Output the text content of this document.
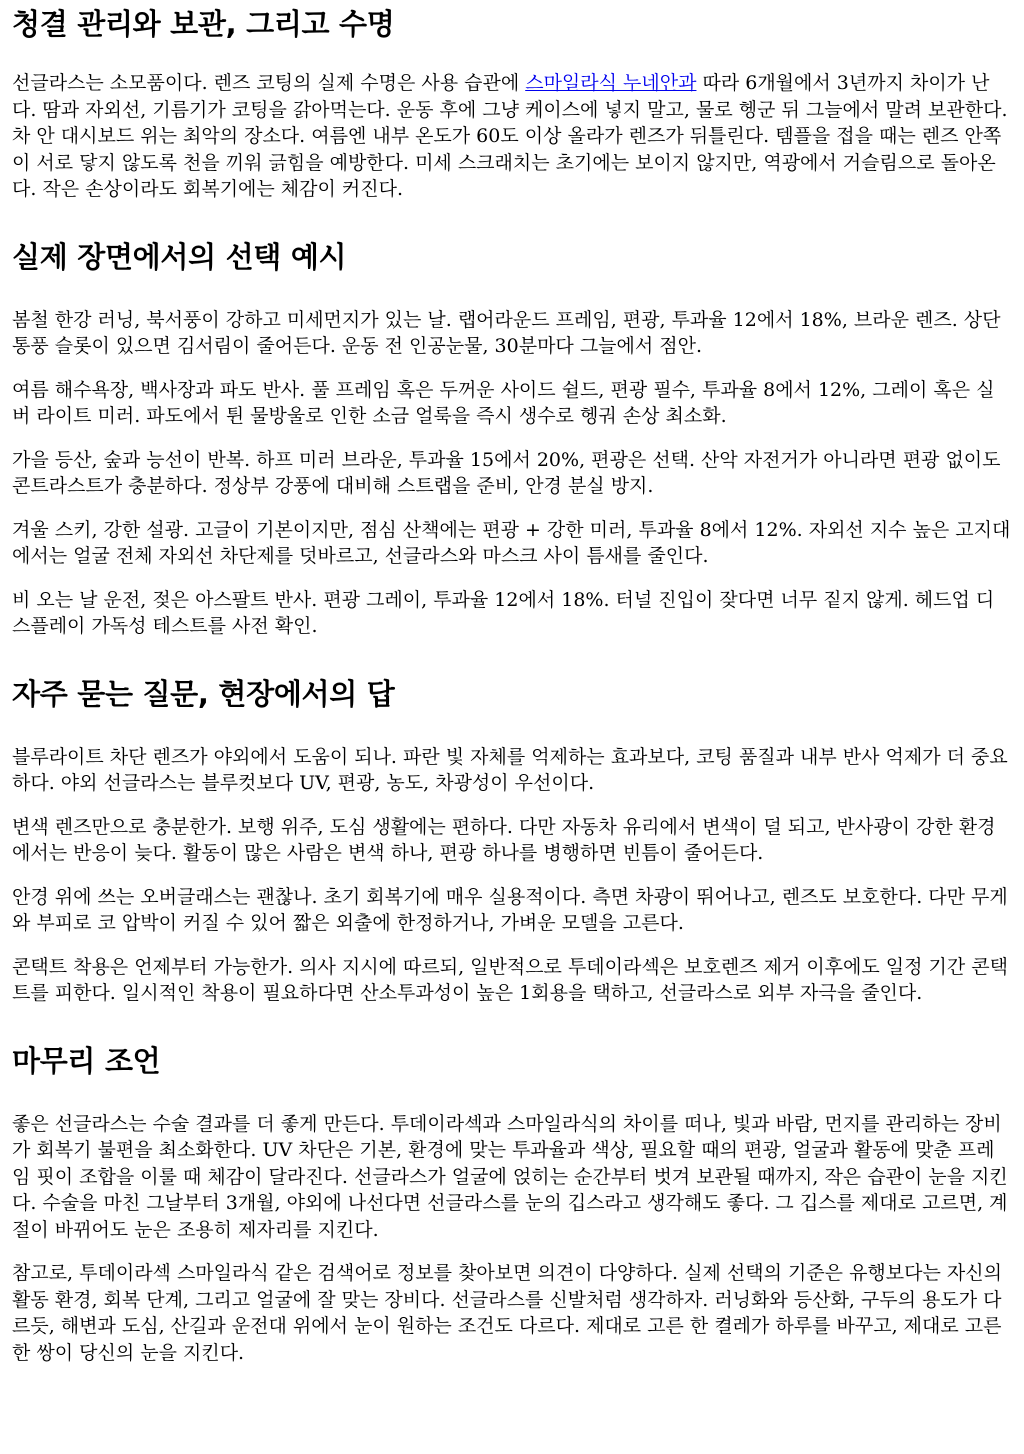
청결 관리와 보관, 그리고 수명

선글라스는 소모품이다. 렌즈 코팅의 실제 수명은 사용 습관에 스마일라식 누네안과 따라 6개월에서 3년까지 차이가 난다. 땀과 자외선, 기름기가 코팅을 갉아먹는다. 운동 후에 그냥 케이스에 넣지 말고, 물로 헹군 뒤 그늘에서 말려 보관한다. 차 안 대시보드 위는 최악의 장소다. 여름엔 내부 온도가 60도 이상 올라가 렌즈가 뒤틀린다. 템플을 접을 때는 렌즈 안쪽이 서로 닿지 않도록 천을 끼워 긁힘을 예방한다. 미세 스크래치는 초기에는 보이지 않지만, 역광에서 거슬림으로 돌아온다. 작은 손상이라도 회복기에는 체감이 커진다.

실제 장면에서의 선택 예시

봄철 한강 러닝, 북서풍이 강하고 미세먼지가 있는 날. 랩어라운드 프레임, 편광, 투과율 12에서 18%, 브라운 렌즈. 상단 통풍 슬롯이 있으면 김서림이 줄어든다. 운동 전 인공눈물, 30분마다 그늘에서 점안.

여름 해수욕장, 백사장과 파도 반사. 풀 프레임 혹은 두꺼운 사이드 쉴드, 편광 필수, 투과율 8에서 12%, 그레이 혹은 실버 라이트 미러. 파도에서 튄 물방울로 인한 소금 얼룩을 즉시 생수로 헹궈 손상 최소화.

가을 등산, 숲과 능선이 반복. 하프 미러 브라운, 투과율 15에서 20%, 편광은 선택. 산악 자전거가 아니라면 편광 없이도 콘트라스트가 충분하다. 정상부 강풍에 대비해 스트랩을 준비, 안경 분실 방지.

겨울 스키, 강한 설광. 고글이 기본이지만, 점심 산책에는 편광 + 강한 미러, 투과율 8에서 12%. 자외선 지수 높은 고지대에서는 얼굴 전체 자외선 차단제를 덧바르고, 선글라스와 마스크 사이 틈새를 줄인다.

비 오는 날 운전, 젖은 아스팔트 반사. 편광 그레이, 투과율 12에서 18%. 터널 진입이 잦다면 너무 짙지 않게. 헤드업 디스플레이 가독성 테스트를 사전 확인.

자주 묻는 질문, 현장에서의 답

블루라이트 차단 렌즈가 야외에서 도움이 되나. 파란 빛 자체를 억제하는 효과보다, 코팅 품질과 내부 반사 억제가 더 중요하다. 야외 선글라스는 블루컷보다 UV, 편광, 농도, 차광성이 우선이다.

변색 렌즈만으로 충분한가. 보행 위주, 도심 생활에는 편하다. 다만 자동차 유리에서 변색이 덜 되고, 반사광이 강한 환경에서는 반응이 늦다. 활동이 많은 사람은 변색 하나, 편광 하나를 병행하면 빈틈이 줄어든다.

안경 위에 쓰는 오버글래스는 괜찮나. 초기 회복기에 매우 실용적이다. 측면 차광이 뛰어나고, 렌즈도 보호한다. 다만 무게와 부피로 코 압박이 커질 수 있어 짧은 외출에 한정하거나, 가벼운 모델을 고른다.

콘택트 착용은 언제부터 가능한가. 의사 지시에 따르되, 일반적으로 투데이라섹은 보호렌즈 제거 이후에도 일정 기간 콘택트를 피한다. 일시적인 착용이 필요하다면 산소투과성이 높은 1회용을 택하고, 선글라스로 외부 자극을 줄인다.

마무리 조언

좋은 선글라스는 수술 결과를 더 좋게 만든다. 투데이라섹과 스마일라식의 차이를 떠나, 빛과 바람, 먼지를 관리하는 장비가 회복기 불편을 최소화한다. UV 차단은 기본, 환경에 맞는 투과율과 색상, 필요할 때의 편광, 얼굴과 활동에 맞춘 프레임 핏이 조합을 이룰 때 체감이 달라진다. 선글라스가 얼굴에 얹히는 순간부터 벗겨 보관될 때까지, 작은 습관이 눈을 지킨다. 수술을 마친 그날부터 3개월, 야외에 나선다면 선글라스를 눈의 깁스라고 생각해도 좋다. 그 깁스를 제대로 고르면, 계절이 바뀌어도 눈은 조용히 제자리를 지킨다.

참고로, 투데이라섹 스마일라식 같은 검색어로 정보를 찾아보면 의견이 다양하다. 실제 선택의 기준은 유행보다는 자신의 활동 환경, 회복 단계, 그리고 얼굴에 잘 맞는 장비다. 선글라스를 신발처럼 생각하자. 러닝화와 등산화, 구두의 용도가 다르듯, 해변과 도심, 산길과 운전대 위에서 눈이 원하는 조건도 다르다. 제대로 고른 한 켤레가 하루를 바꾸고, 제대로 고른 한 쌍이 당신의 눈을 지킨다.
